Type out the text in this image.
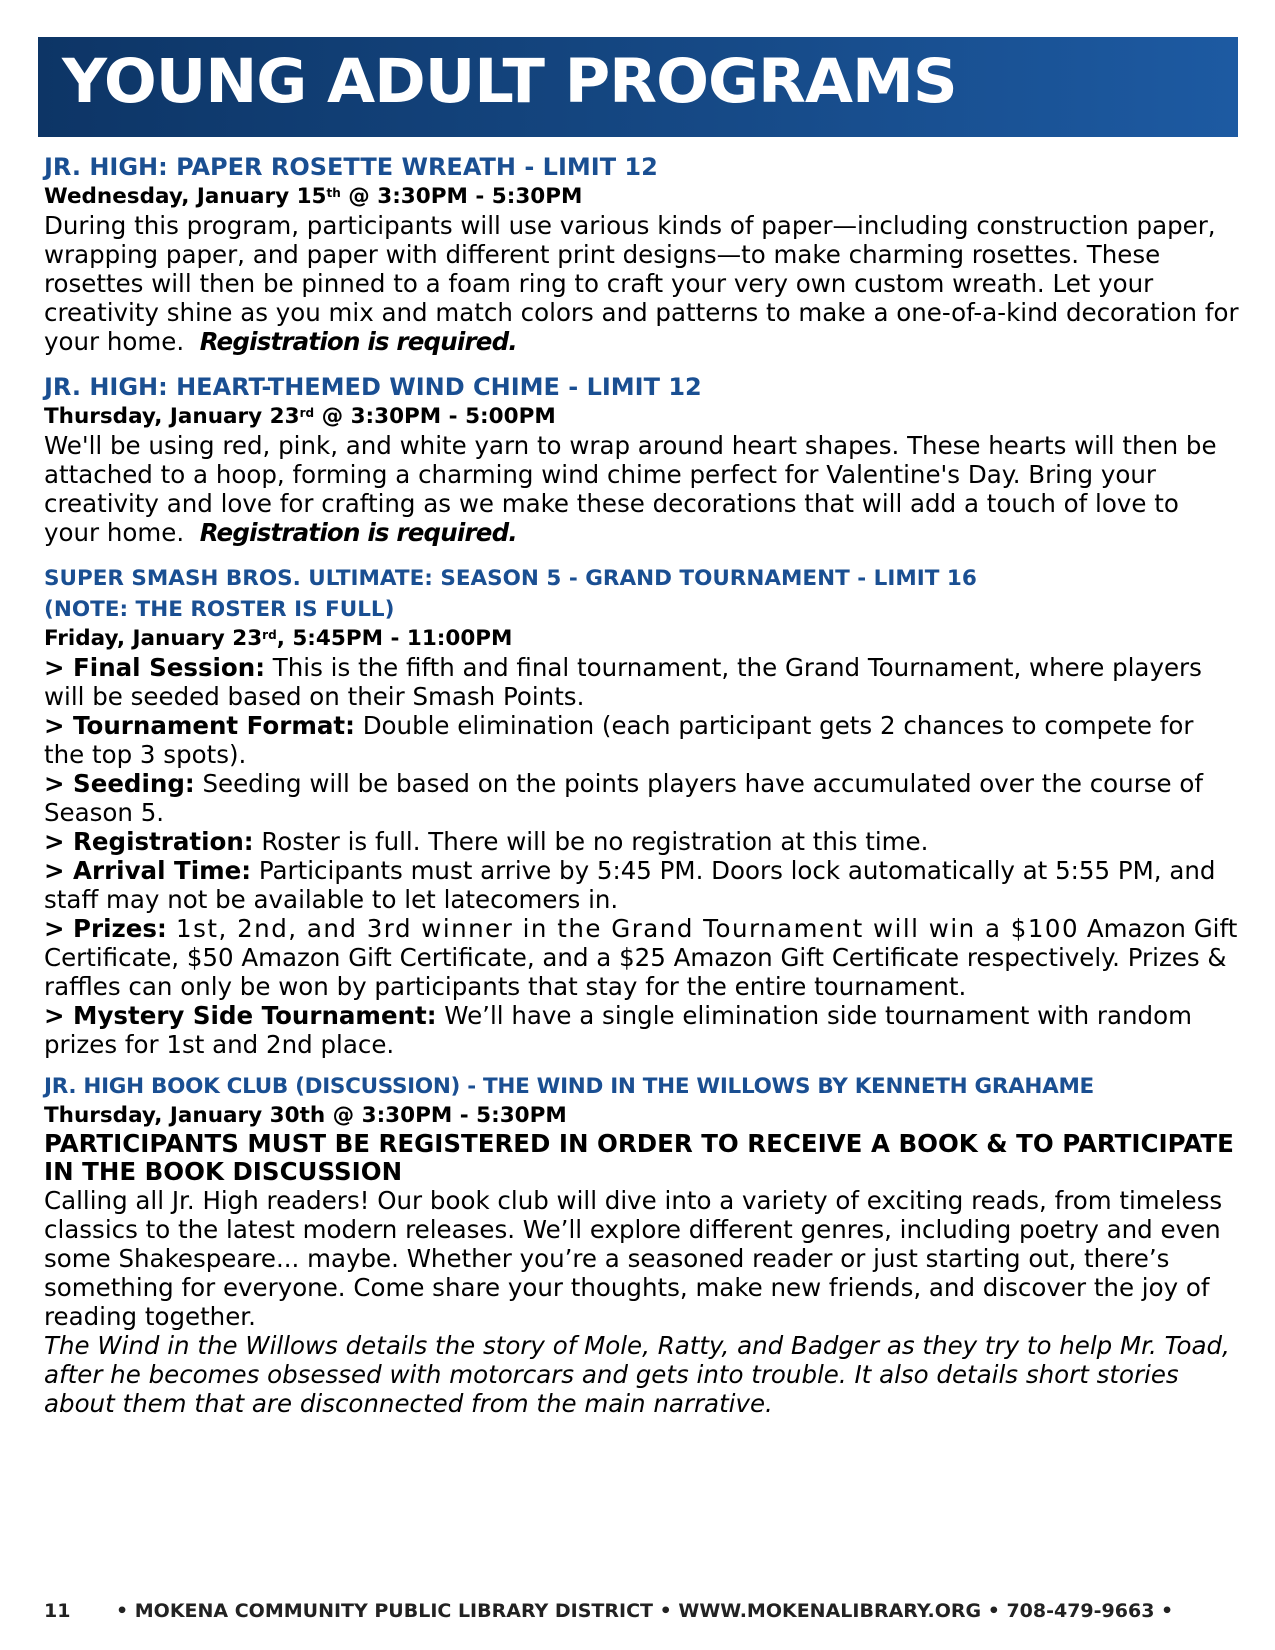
YOUNG ADULT PROGRAMS
JR. HIGH: PAPER ROSETTE WREATH - LIMIT 12

Wednesday, January 15th @ 3:30PM - 5:30PM

During this program, participants will use various kinds of paper—including construction paper, wrapping paper, and paper with different print designs—to make charming rosettes. These rosettes will then be pinned to a foam ring to craft your very own custom wreath. Let your creativity shine as you mix and match colors and patterns to make a one-of-a-kind decoration for your home. Registration is required.

JR. HIGH: HEART-THEMED WIND CHIME - LIMIT 12

Thursday, January 23rd @ 3:30PM - 5:00PM

We'll be using red, pink, and white yarn to wrap around heart shapes. These hearts will then be attached to a hoop, forming a charming wind chime perfect for Valentine's Day. Bring your creativity and love for crafting as we make these decorations that will add a touch of love to your home. Registration is required.

SUPER SMASH BROS. ULTIMATE: SEASON 5 - GRAND TOURNAMENT - LIMIT 16
(NOTE: THE ROSTER IS FULL)

Friday, January 23rd, 5:45PM - 11:00PM

> Final Session: This is the fifth and final tournament, the Grand Tournament, where players will be seeded based on their Smash Points.

> Tournament Format: Double elimination (each participant gets 2 chances to compete for the top 3 spots).

> Seeding: Seeding will be based on the points players have accumulated over the course of Season 5.

> Registration: Roster is full. There will be no registration at this time.

> Arrival Time: Participants must arrive by 5:45 PM. Doors lock automatically at 5:55 PM, and staff may not be available to let latecomers in.

> Prizes: 1st, 2nd, and 3rd winner in the Grand Tournament will win a $100 Amazon Gift Certificate, $50 Amazon Gift Certificate, and a $25 Amazon Gift Certificate respectively. Prizes & raffles can only be won by participants that stay for the entire tournament.

> Mystery Side Tournament: We’ll have a single elimination side tournament with random prizes for 1st and 2nd place.

JR. HIGH BOOK CLUB (DISCUSSION) - THE WIND IN THE WILLOWS BY KENNETH GRAHAME

Thursday, January 30th @ 3:30PM - 5:30PM

PARTICIPANTS MUST BE REGISTERED IN ORDER TO RECEIVE A BOOK & TO PARTICIPATE IN THE BOOK DISCUSSION

Calling all Jr. High readers! Our book club will dive into a variety of exciting reads, from timeless classics to the latest modern releases. We’ll explore different genres, including poetry and even some Shakespeare... maybe. Whether you’re a seasoned reader or just starting out, there’s something for everyone. Come share your thoughts, make new friends, and discover the joy of reading together.

The Wind in the Willows details the story of Mole, Ratty, and Badger as they try to help Mr. Toad, after he becomes obsessed with motorcars and gets into trouble. It also details short stories about them that are disconnected from the main narrative.

11 • MOKENA COMMUNITY PUBLIC LIBRARY DISTRICT • WWW.MOKENALIBRARY.ORG • 708-479-9663 •
